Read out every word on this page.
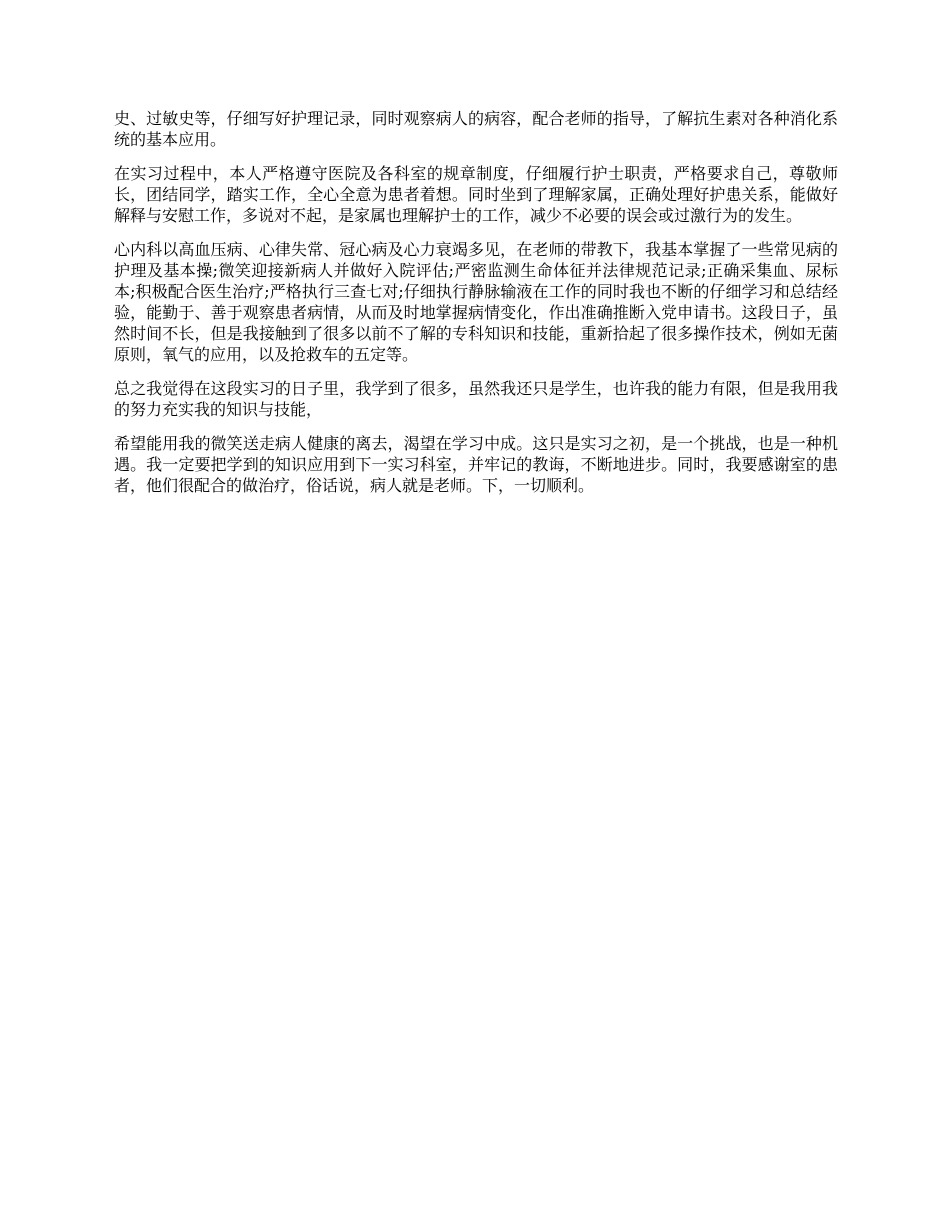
史、过敏史等，仔细写好护理记录，同时观察病人的病容，配合老师的指导，了解抗生素对各种消化系统的基本应用。

在实习过程中，本人严格遵守医院及各科室的规章制度，仔细履行护士职责，严格要求自己，尊敬师长，团结同学，踏实工作，全心全意为患者着想。同时坐到了理解家属，正确处理好护患关系，能做好解释与安慰工作，多说对不起，是家属也理解护士的工作，减少不必要的误会或过激行为的发生。

心内科以高血压病、心律失常、冠心病及心力衰竭多见，在老师的带教下，我基本掌握了一些常见病的护理及基本操;微笑迎接新病人并做好入院评估;严密监测生命体征并法律规范记录;正确采集血、尿标本;积极配合医生治疗;严格执行三查七对;仔细执行静脉输液在工作的同时我也不断的仔细学习和总结经验，能勤于、善于观察患者病情，从而及时地掌握病情变化，作出准确推断入党申请书。这段日子，虽然时间不长，但是我接触到了很多以前不了解的专科知识和技能，重新拾起了很多操作技术，例如无菌原则，氧气的应用，以及抢救车的五定等。

总之我觉得在这段实习的日子里，我学到了很多，虽然我还只是学生，也许我的能力有限，但是我用我的努力充实我的知识与技能，

希望能用我的微笑送走病人健康的离去，渴望在学习中成。这只是实习之初，是一个挑战，也是一种机遇。我一定要把学到的知识应用到下一实习科室，并牢记的教诲，不断地进步。同时，我要感谢室的患者，他们很配合的做治疗，俗话说，病人就是老师。下，一切顺利。
